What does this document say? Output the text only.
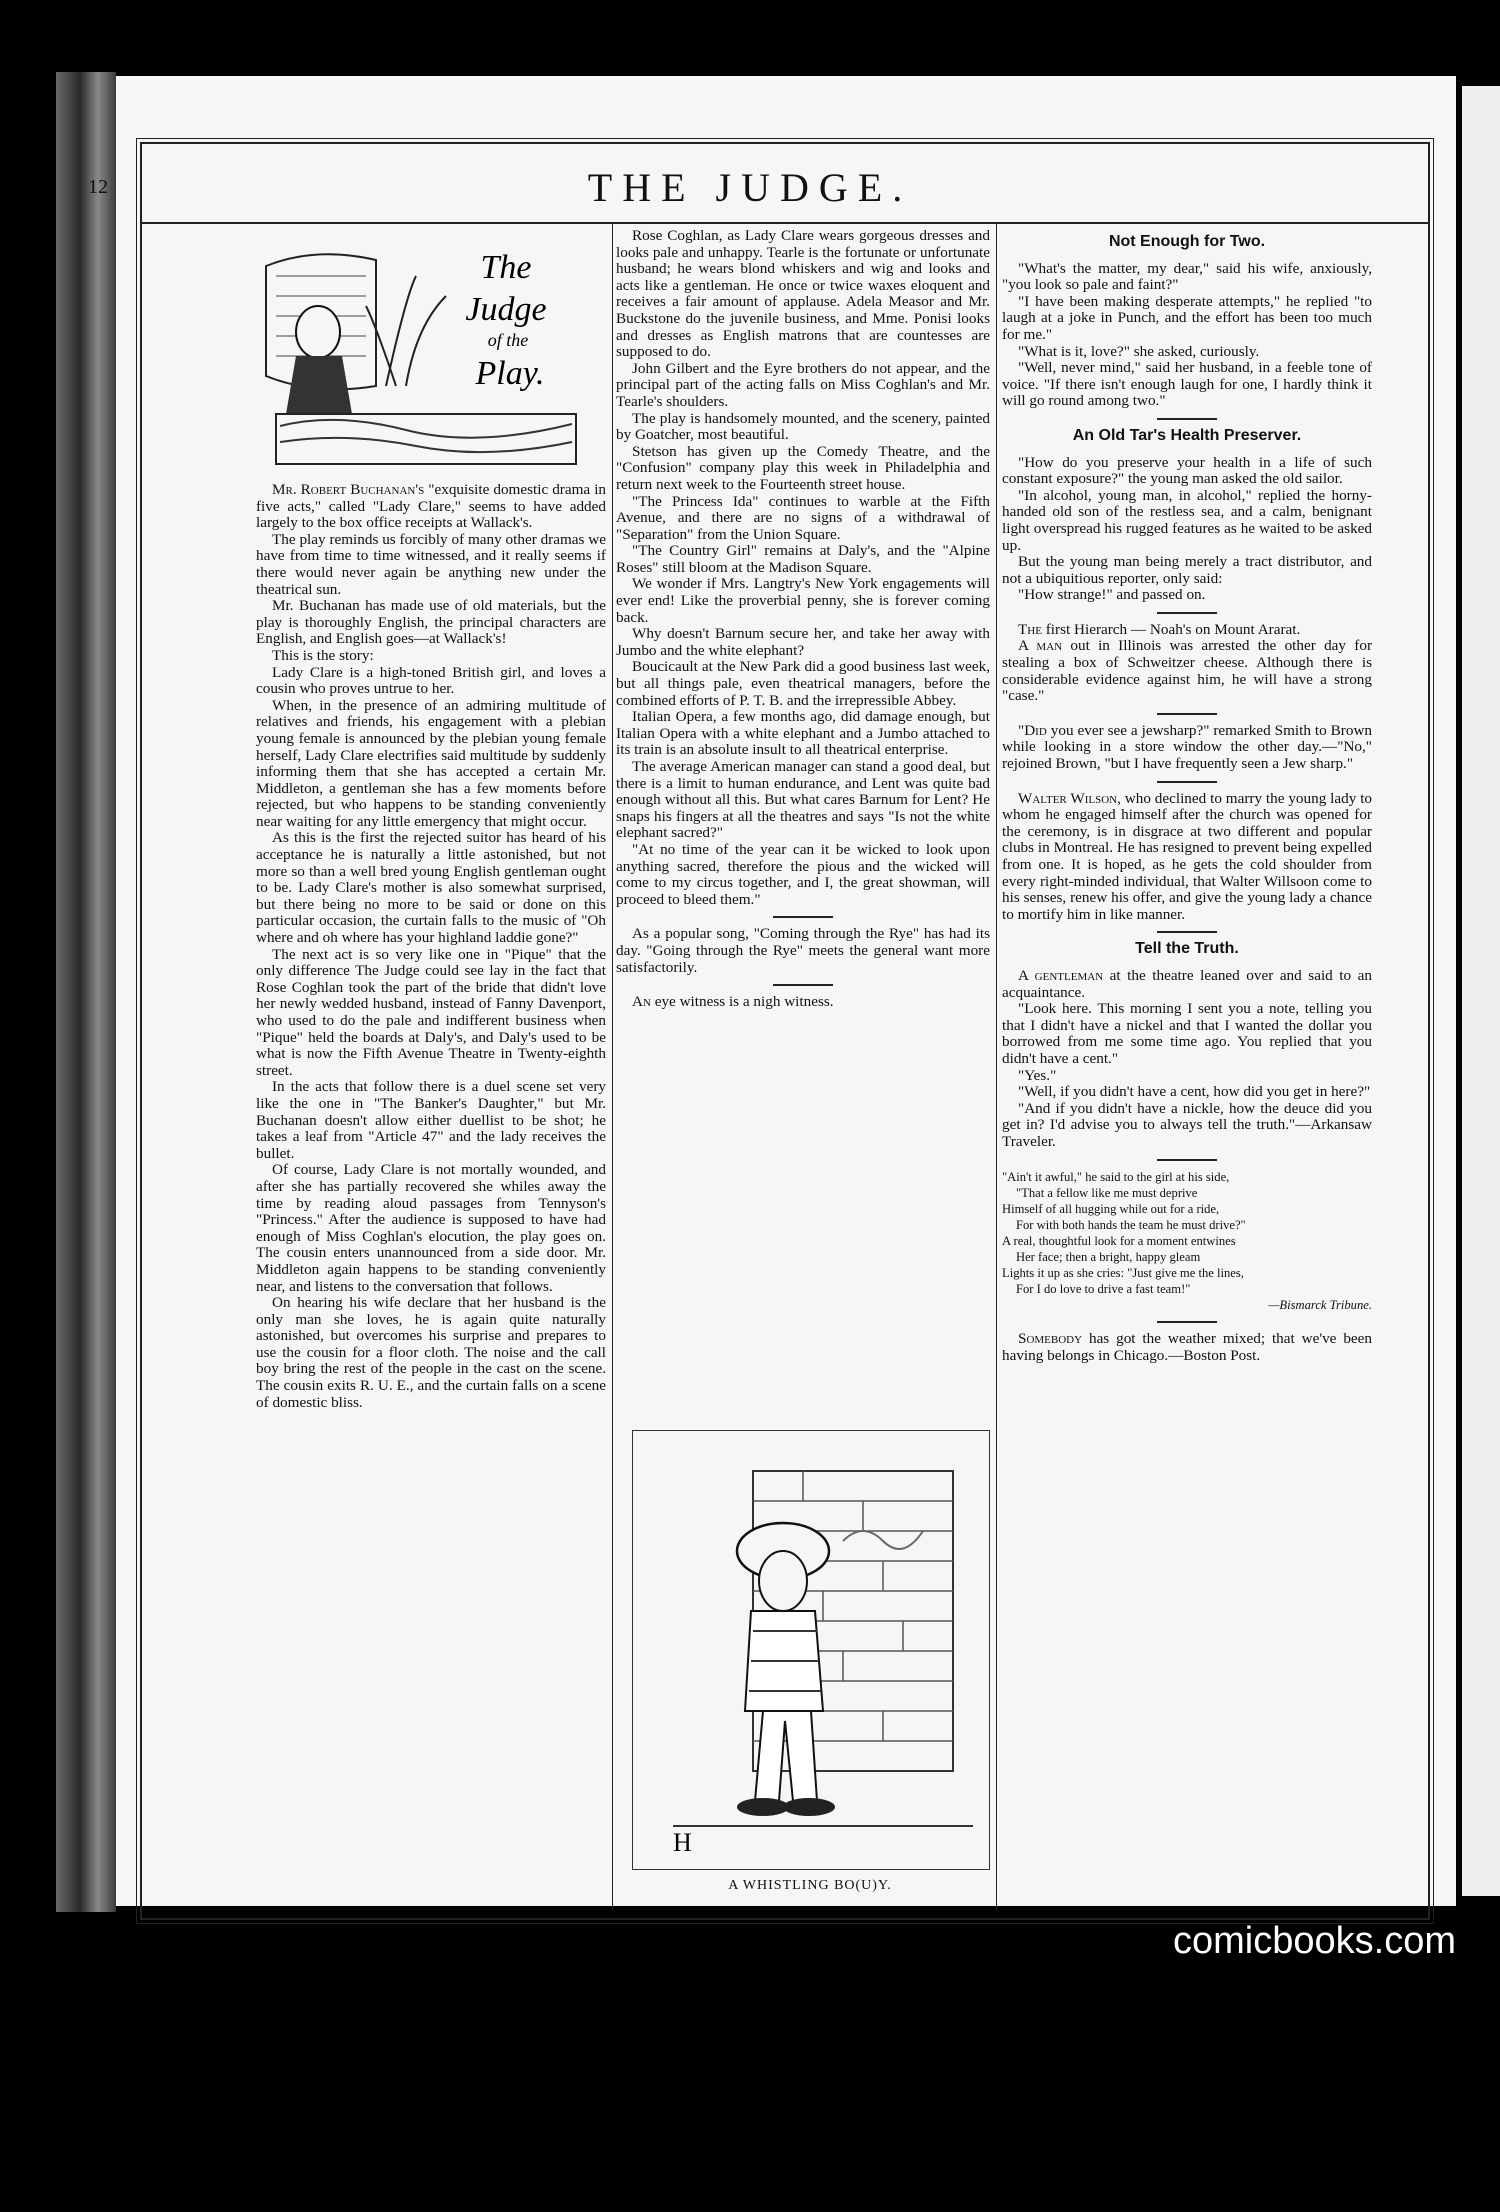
12	THE JUDGE.
The
Judge
of the
Play.

Mr. Robert Buchanan's "exquisite domestic drama in five acts," called "Lady Clare," seems to have added largely to the box office receipts at Wallack's.

The play reminds us forcibly of many other dramas we have from time to time witnessed, and it really seems if there would never again be anything new under the theatrical sun.

Mr. Buchanan has made use of old materials, but the play is thoroughly English, the principal characters are English, and English goes—at Wallack's!

This is the story:

Lady Clare is a high-toned British girl, and loves a cousin who proves untrue to her.

When, in the presence of an admiring multitude of relatives and friends, his engagement with a plebian young female is announced by the plebian young female herself, Lady Clare electrifies said multitude by suddenly informing them that she has accepted a certain Mr. Middleton, a gentleman she has a few moments before rejected, but who happens to be standing conveniently near waiting for any little emergency that might occur.

As this is the first the rejected suitor has heard of his acceptance he is naturally a little astonished, but not more so than a well bred young English gentleman ought to be. Lady Clare's mother is also somewhat surprised, but there being no more to be said or done on this particular occasion, the curtain falls to the music of "Oh where and oh where has your highland laddie gone?"

The next act is so very like one in "Pique" that the only difference The Judge could see lay in the fact that Rose Coghlan took the part of the bride that didn't love her newly wedded husband, instead of Fanny Davenport, who used to do the pale and indifferent business when "Pique" held the boards at Daly's, and Daly's used to be what is now the Fifth Avenue Theatre in Twenty-eighth street.

In the acts that follow there is a duel scene set very like the one in "The Banker's Daughter," but Mr. Buchanan doesn't allow either duellist to be shot; he takes a leaf from "Article 47" and the lady receives the bullet.

Of course, Lady Clare is not mortally wounded, and after she has partially recovered she whiles away the time by reading aloud passages from Tennyson's "Princess." After the audience is supposed to have had enough of Miss Coghlan's elocution, the play goes on. The cousin enters unannounced from a side door. Mr. Middleton again happens to be standing conveniently near, and listens to the conversation that follows.

On hearing his wife declare that her husband is the only man she loves, he is again quite naturally astonished, but overcomes his surprise and prepares to use the cousin for a floor cloth. The noise and the call boy bring the rest of the people in the cast on the scene. The cousin exits R. U. E., and the curtain falls on a scene of domestic bliss.

Rose Coghlan, as Lady Clare wears gorgeous dresses and looks pale and unhappy. Tearle is the fortunate or unfortunate husband; he wears blond whiskers and wig and looks and acts like a gentleman. He once or twice waxes eloquent and receives a fair amount of applause. Adela Measor and Mr. Buckstone do the juvenile business, and Mme. Ponisi looks and dresses as English matrons that are countesses are supposed to do.

John Gilbert and the Eyre brothers do not appear, and the principal part of the acting falls on Miss Coghlan's and Mr. Tearle's shoulders.

The play is handsomely mounted, and the scenery, painted by Goatcher, most beautiful.

Stetson has given up the Comedy Theatre, and the "Confusion" company play this week in Philadelphia and return next week to the Fourteenth street house.

"The Princess Ida" continues to warble at the Fifth Avenue, and there are no signs of a withdrawal of "Separation" from the Union Square.

"The Country Girl" remains at Daly's, and the "Alpine Roses" still bloom at the Madison Square.

We wonder if Mrs. Langtry's New York engagements will ever end! Like the proverbial penny, she is forever coming back.

Why doesn't Barnum secure her, and take her away with Jumbo and the white elephant?

Boucicault at the New Park did a good business last week, but all things pale, even theatrical managers, before the combined efforts of P. T. B. and the irrepressible Abbey.

Italian Opera, a few months ago, did damage enough, but Italian Opera with a white elephant and a Jumbo attached to its train is an absolute insult to all theatrical enterprise.

The average American manager can stand a good deal, but there is a limit to human endurance, and Lent was quite bad enough without all this. But what cares Barnum for Lent? He snaps his fingers at all the theatres and says "Is not the white elephant sacred?"

"At no time of the year can it be wicked to look upon anything sacred, therefore the pious and the wicked will come to my circus together, and I, the great showman, will proceed to bleed them."

As a popular song, "Coming through the Rye" has had its day. "Going through the Rye" meets the general want more satisfactorily.

An eye witness is a nigh witness.

H
A WHISTLING BO(U)Y.
Not Enough for Two.

"What's the matter, my dear," said his wife, anxiously, "you look so pale and faint?"

"I have been making desperate attempts," he replied "to laugh at a joke in Punch, and the effort has been too much for me."

"What is it, love?" she asked, curiously.

"Well, never mind," said her husband, in a feeble tone of voice. "If there isn't enough laugh for one, I hardly think it will go round among two."

An Old Tar's Health Preserver.

"How do you preserve your health in a life of such constant exposure?" the young man asked the old sailor.

"In alcohol, young man, in alcohol," replied the horny-handed old son of the restless sea, and a calm, benignant light overspread his rugged features as he waited to be asked up.

But the young man being merely a tract distributor, and not a ubiquitious reporter, only said:

"How strange!" and passed on.

The first Hierarch — Noah's on Mount Ararat.

A man out in Illinois was arrested the other day for stealing a box of Schweitzer cheese. Although there is considerable evidence against him, he will have a strong "case."

"Did you ever see a jewsharp?" remarked Smith to Brown while looking in a store window the other day.—"No," rejoined Brown, "but I have frequently seen a Jew sharp."

Walter Wilson, who declined to marry the young lady to whom he engaged himself after the church was opened for the ceremony, is in disgrace at two different and popular clubs in Montreal. He has resigned to prevent being expelled from one. It is hoped, as he gets the cold shoulder from every right-minded individual, that Walter Willsoon come to his senses, renew his offer, and give the young lady a chance to mortify him in like manner.

Tell the Truth.

A gentleman at the theatre leaned over and said to an acquaintance.

"Look here. This morning I sent you a note, telling you that I didn't have a nickel and that I wanted the dollar you borrowed from me some time ago. You replied that you didn't have a cent."

"Yes."

"Well, if you didn't have a cent, how did you get in here?"

"And if you didn't have a nickle, how the deuce did you get in? I'd advise you to always tell the truth."—Arkansaw Traveler.

"Ain't it awful," he said to the girl at his side,
"That a fellow like me must deprive
Himself of all hugging while out for a ride,
For with both hands the team he must drive?"
A real, thoughtful look for a moment entwines
Her face; then a bright, happy gleam
Lights it up as she cries: "Just give me the lines,
For I do love to drive a fast team!"
—Bismarck Tribune.

Somebody has got the weather mixed; that we've been having belongs in Chicago.—Boston Post.

comicbooks.com
